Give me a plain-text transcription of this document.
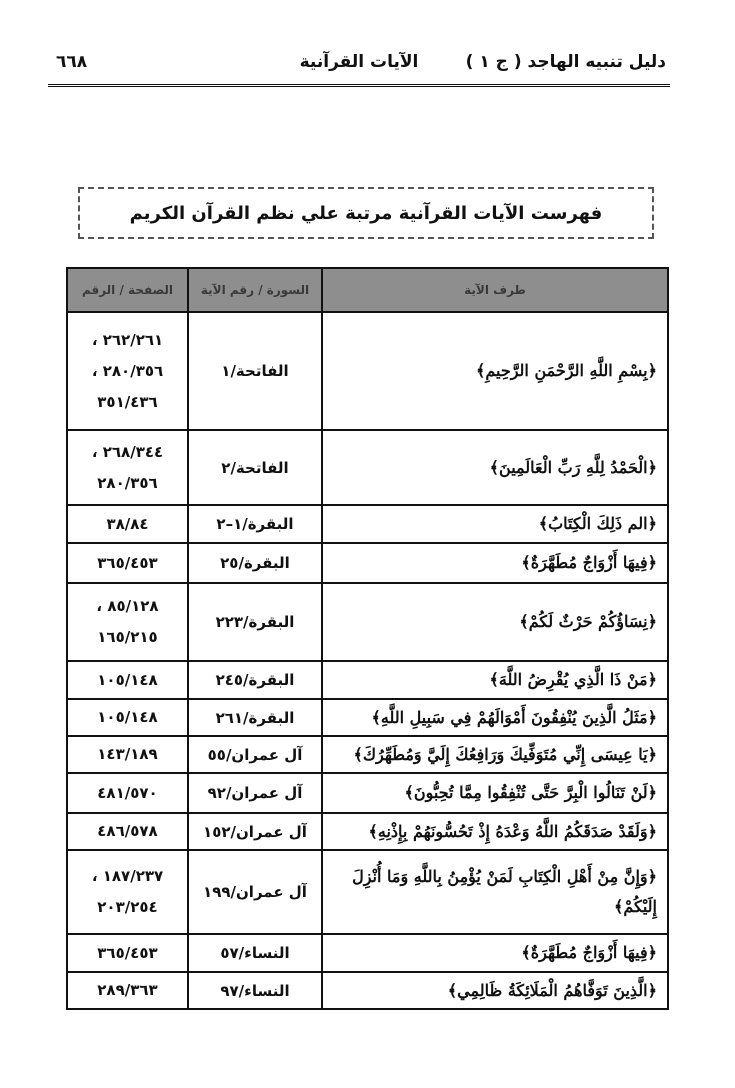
دليل تنبيه الهاجد ( ج ١ )
الآيات القرآنية
٦٦٨
فهرست الآيات القرآنية مرتبة علي نظم القرآن الكريم
طرف الآية	السورة / رقم الآية	الصفحة / الرقم
﴿بِسْمِ اللَّهِ الرَّحْمَنِ الرَّحِيمِ﴾	الفاتحة/١	٢٦٢/٢٦١ ، ٢٨٠/٣٥٦ ، ٣٥١/٤٣٦
﴿الْحَمْدُ لِلَّهِ رَبِّ الْعَالَمِينَ﴾	الفاتحة/٢	٢٦٨/٣٤٤ ، ٢٨٠/٣٥٦
﴿الم ذَلِكَ الْكِتَابُ﴾	البقرة/١–٢	٣٨/٨٤
﴿فِيهَا أَزْوَاجٌ مُطَهَّرَةٌ﴾	البقرة/٢٥	٣٦٥/٤٥٣
﴿نِسَاؤُكُمْ حَرْثٌ لَكُمْ﴾	البقرة/٢٢٣	٨٥/١٢٨ ، ١٦٥/٢١٥
﴿مَنْ ذَا الَّذِي يُقْرِضُ اللَّهَ﴾	البقرة/٢٤٥	١٠٥/١٤٨
﴿مَثَلُ الَّذِينَ يُنْفِقُونَ أَمْوَالَهُمْ فِي سَبِيلِ اللَّهِ﴾	البقرة/٢٦١	١٠٥/١٤٨
﴿يَا عِيسَى إِنِّي مُتَوَفِّيكَ وَرَافِعُكَ إِلَيَّ وَمُطَهِّرُكَ﴾	آل عمران/٥٥	١٤٣/١٨٩
﴿لَنْ تَنَالُوا الْبِرَّ حَتَّى تُنْفِقُوا مِمَّا تُحِبُّونَ﴾	آل عمران/٩٢	٤٨١/٥٧٠
﴿وَلَقَدْ صَدَقَكُمُ اللَّهُ وَعْدَهُ إِذْ تَحُسُّونَهُمْ بِإِذْنِهِ﴾	آل عمران/١٥٢	٤٨٦/٥٧٨
﴿وَإِنَّ مِنْ أَهْلِ الْكِتَابِ لَمَنْ يُؤْمِنُ بِاللَّهِ وَمَا أُنْزِلَ إِلَيْكُمْ﴾	آل عمران/١٩٩	١٨٧/٢٣٧ ، ٢٠٣/٢٥٤
﴿فِيهَا أَزْوَاجٌ مُطَهَّرَةٌ﴾	النساء/٥٧	٣٦٥/٤٥٣
﴿الَّذِينَ تَوَفَّاهُمُ الْمَلَائِكَةُ ظَالِمِي﴾	النساء/٩٧	٢٨٩/٣٦٣
